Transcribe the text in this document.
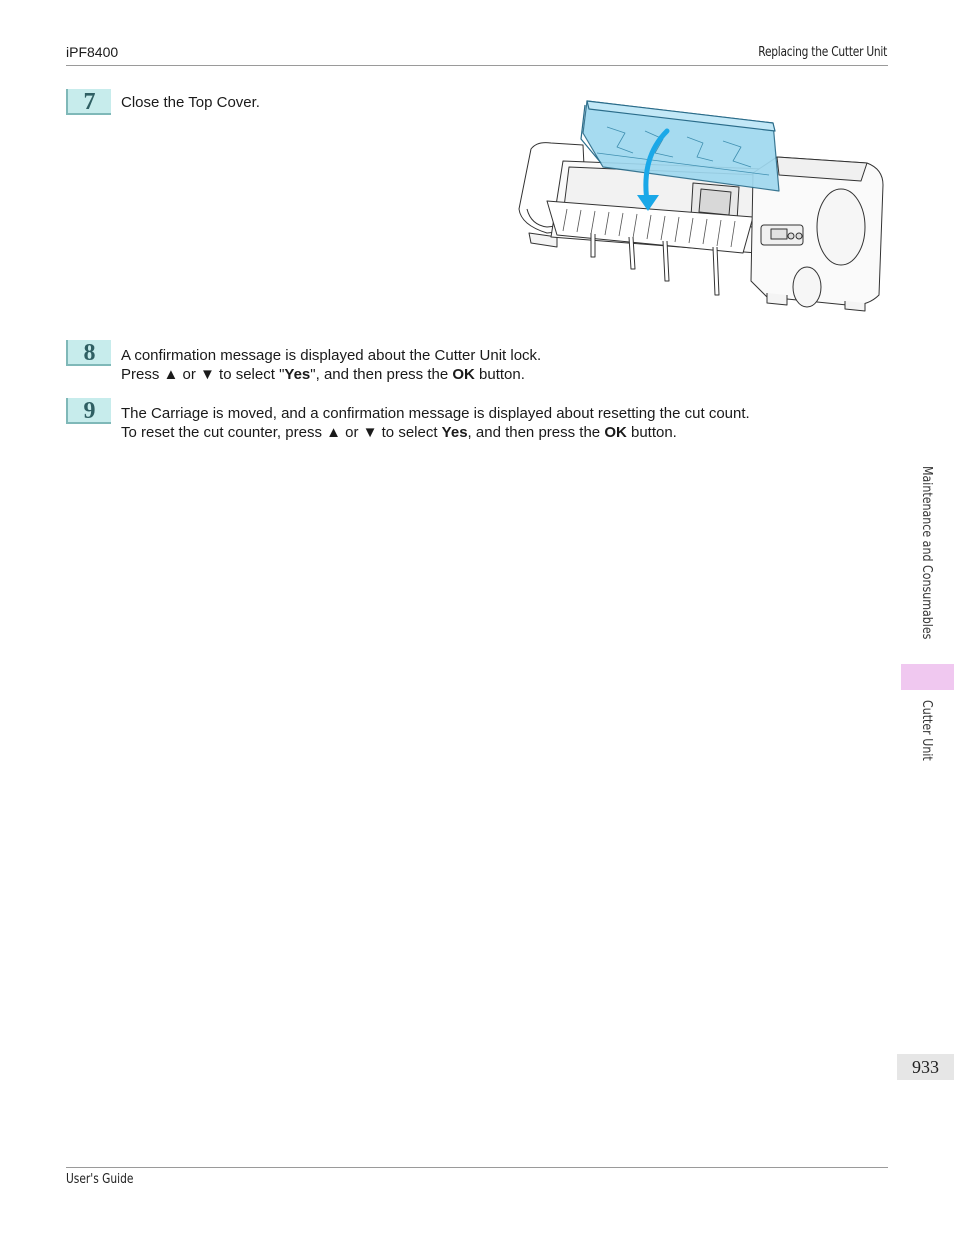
iPF8400	Replacing the Cutter Unit
7	Close the Top Cover.
8	A confirmation message is displayed about the Cutter Unit lock.
Press ▲ or ▼ to select "Yes", and then press the OK button.
9	The Carriage is moved, and a confirmation message is displayed about resetting the cut count.
To reset the cut counter, press ▲ or ▼ to select Yes, and then press the OK button.
Maintenance and Consumables
Cutter Unit
933
User's Guide
